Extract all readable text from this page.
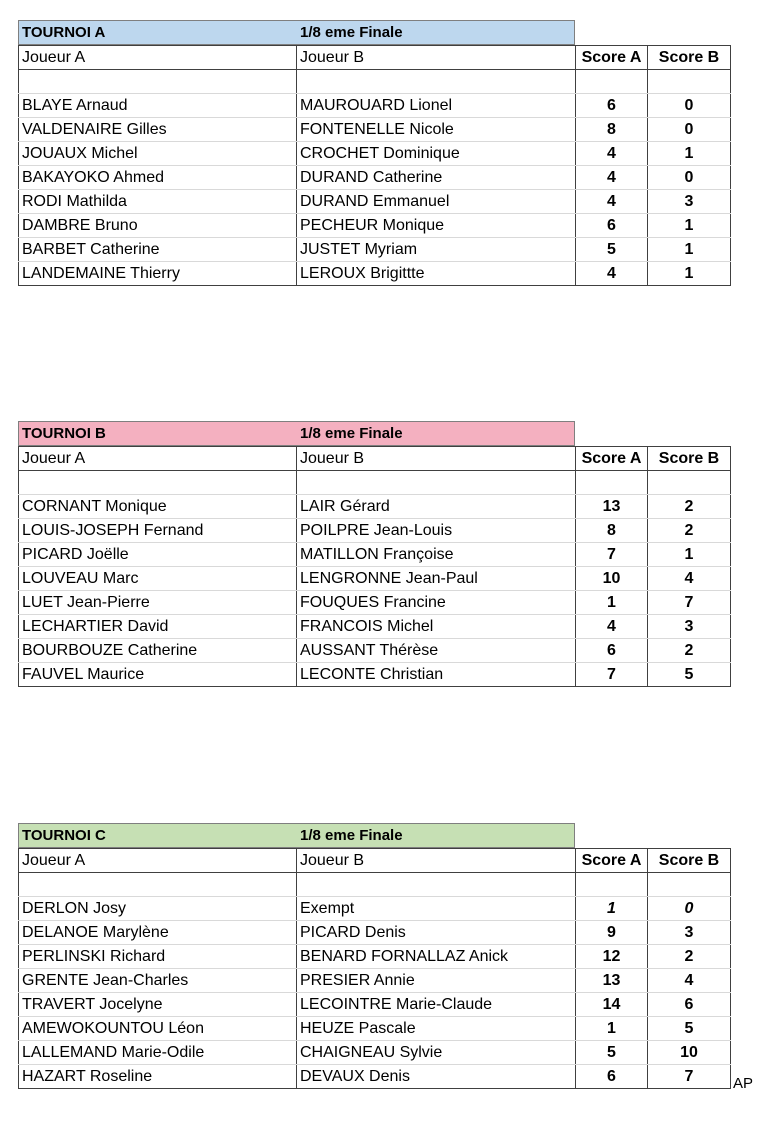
TOURNOI A	1/8 eme Finale
Joueur A	Joueur B	Score A	Score B

BLAYE Arnaud	MAUROUARD Lionel	6	0
VALDENAIRE Gilles	FONTENELLE Nicole	8	0
JOUAUX Michel	CROCHET Dominique	4	1
BAKAYOKO Ahmed	DURAND Catherine	4	0
RODI Mathilda	DURAND Emmanuel	4	3
DAMBRE Bruno	PECHEUR Monique	6	1
BARBET Catherine	JUSTET Myriam	5	1
LANDEMAINE Thierry	LEROUX Brigittte	4	1
TOURNOI B	1/8 eme Finale
Joueur A	Joueur B	Score A	Score B

CORNANT Monique	LAIR Gérard	13	2
LOUIS-JOSEPH Fernand	POILPRE Jean-Louis	8	2
PICARD Joëlle	MATILLON Françoise	7	1
LOUVEAU Marc	LENGRONNE Jean-Paul	10	4
LUET Jean-Pierre	FOUQUES Francine	1	7
LECHARTIER David	FRANCOIS Michel	4	3
BOURBOUZE Catherine	AUSSANT Thérèse	6	2
FAUVEL Maurice	LECONTE Christian	7	5
TOURNOI C	1/8 eme Finale
Joueur A	Joueur B	Score A	Score B

DERLON Josy	Exempt	1	0
DELANOE Marylène	PICARD Denis	9	3
PERLINSKI Richard	BENARD FORNALLAZ Anick	12	2
GRENTE Jean-Charles	PRESIER Annie	13	4
TRAVERT Jocelyne	LECOINTRE Marie-Claude	14	6
AMEWOKOUNTOU Léon	HEUZE Pascale	1	5
LALLEMAND Marie-Odile	CHAIGNEAU Sylvie	5	10
HAZART Roseline	DEVAUX Denis	6	7	AP
